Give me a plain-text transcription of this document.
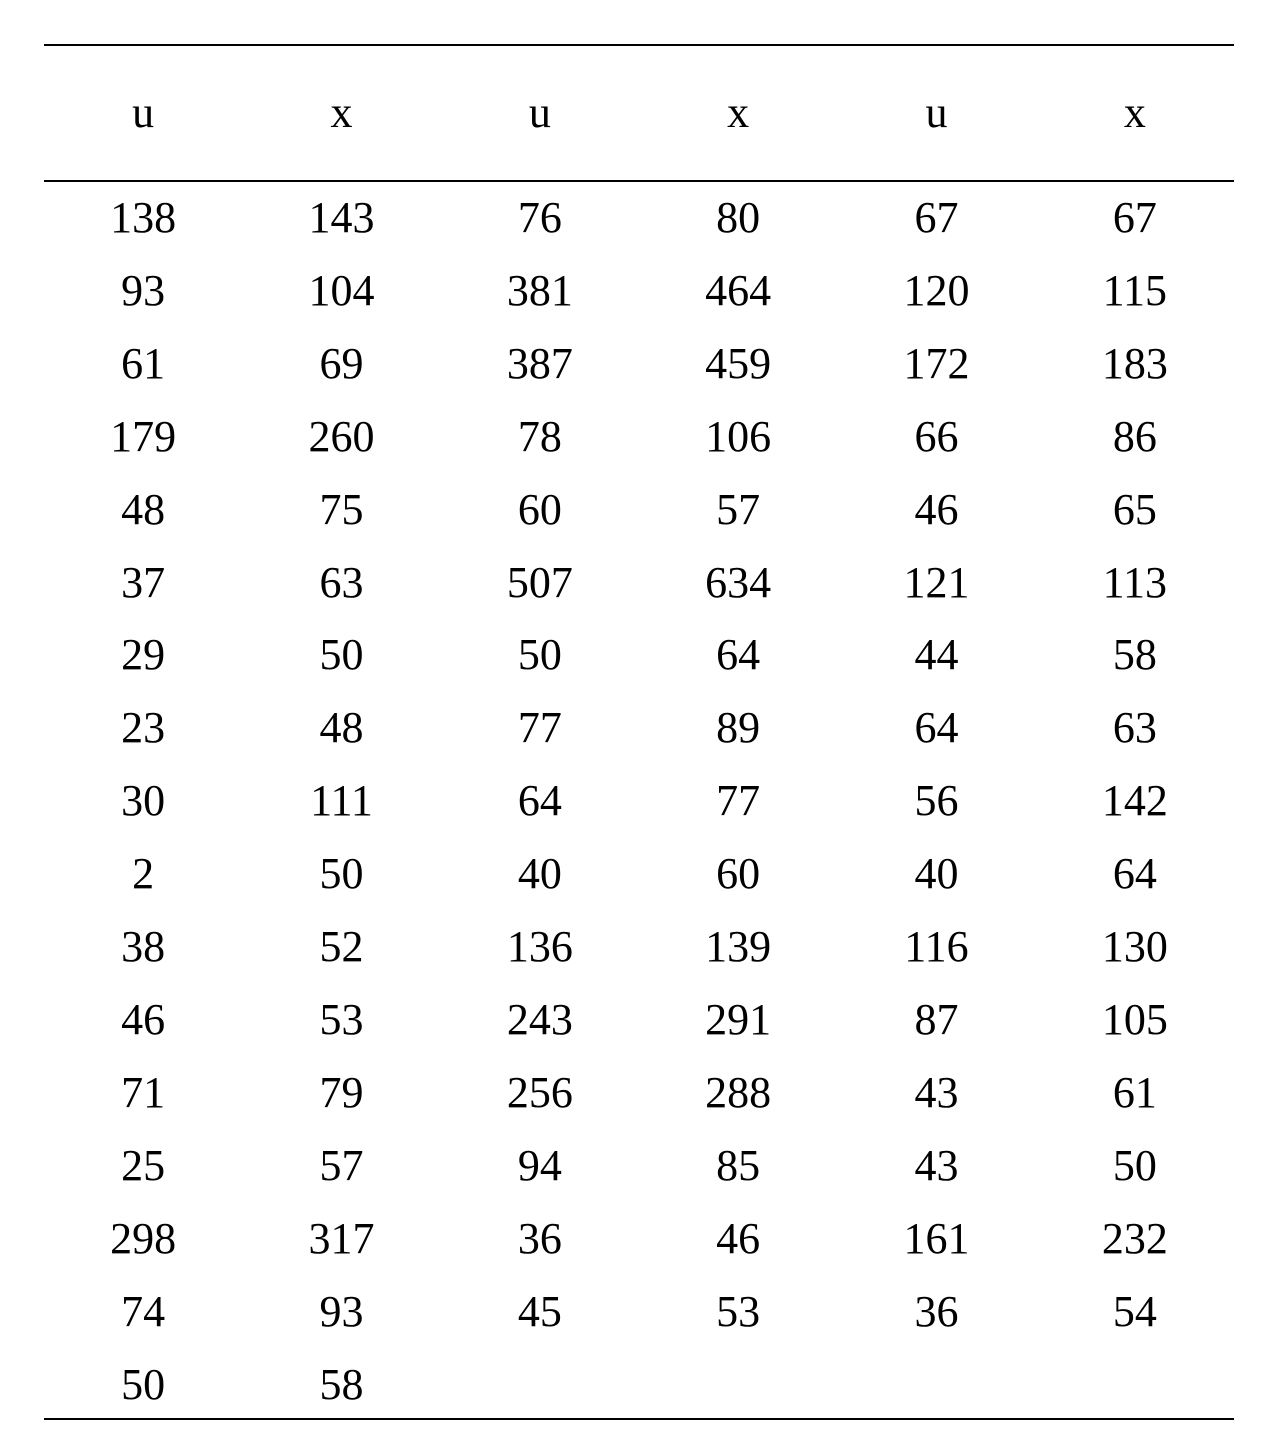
u	x	u	x	u	x
138	143	76	80	67	67
93	104	381	464	120	115
61	69	387	459	172	183
179	260	78	106	66	86
48	75	60	57	46	65
37	63	507	634	121	113
29	50	50	64	44	58
23	48	77	89	64	63
30	111	64	77	56	142
2	50	40	60	40	64
38	52	136	139	116	130
46	53	243	291	87	105
71	79	256	288	43	61
25	57	94	85	43	50
298	317	36	46	161	232
74	93	45	53	36	54
50	58				
